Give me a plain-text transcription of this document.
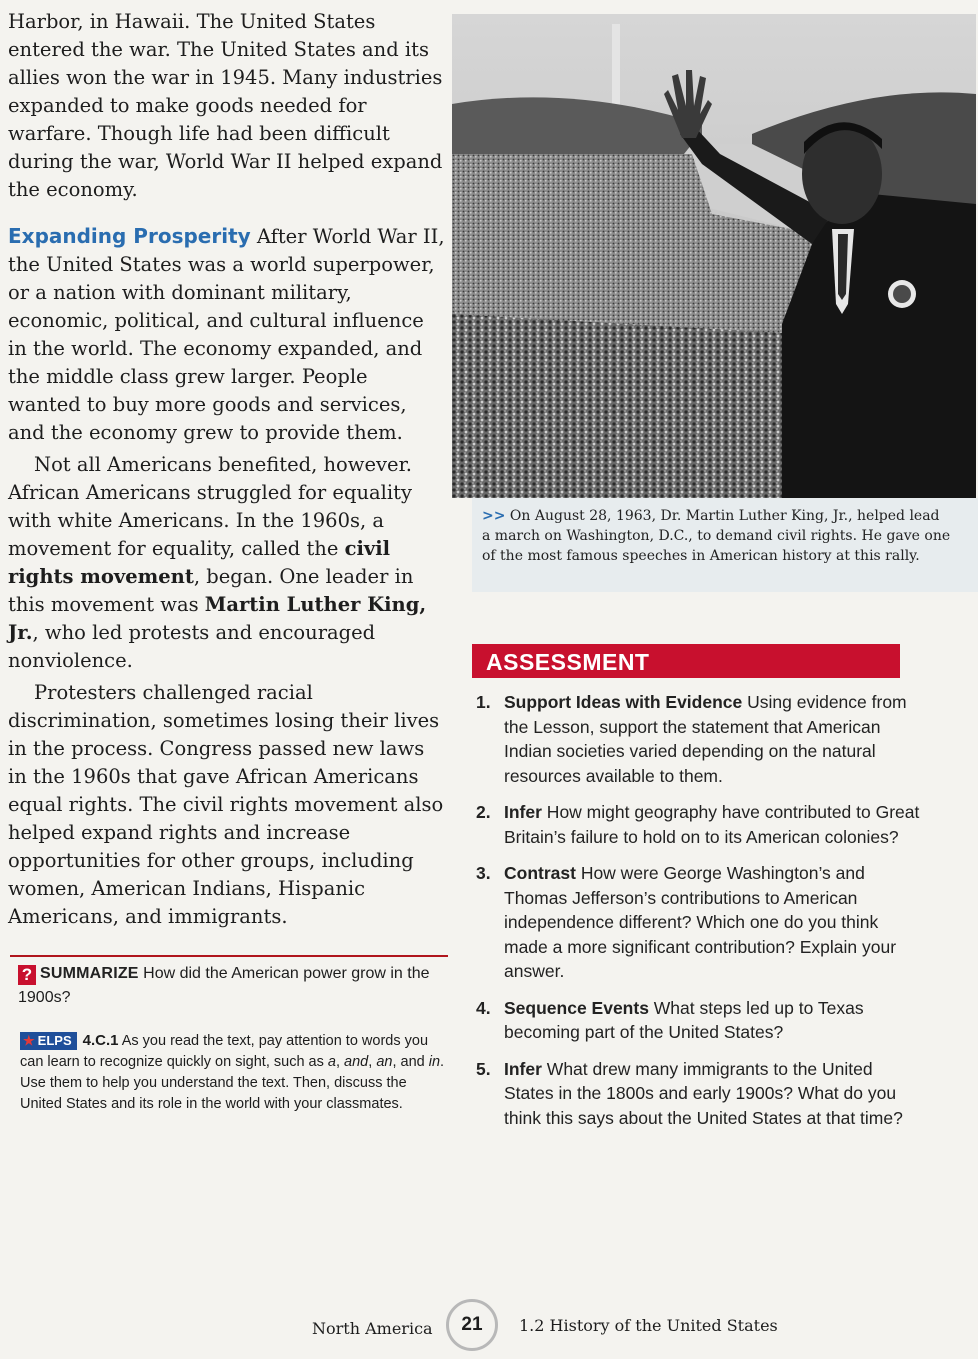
Harbor, in Hawaii. The United States entered the war. The United States and its allies won the war in 1945. Many industries expanded to make goods needed for warfare. Though life had been difficult during the war, World War II helped expand the economy.

Expanding Prosperity After World War II, the United States was a world superpower, or a nation with dominant military, economic, political, and cultural influence in the world. The economy expanded, and the middle class grew larger. People wanted to buy more goods and services, and the economy grew to provide them.

Not all Americans benefited, however. African Americans struggled for equality with white Americans. In the 1960s, a movement for equality, called the civil rights movement, began. One leader in this movement was Martin Luther King, Jr., who led protests and encouraged nonviolence.

Protesters challenged racial discrimination, sometimes losing their lives in the process. Congress passed new laws in the 1960s that gave African Americans equal rights. The civil rights movement also helped expand rights and increase opportunities for other groups, including women, American Indians, Hispanic Americans, and immigrants.

? SUMMARIZE How did the American power grow in the 1900s?
★ ELPS 4.C.1 As you read the text, pay attention to words you can learn to recognize quickly on sight, such as a, and, an, and in. Use them to help you understand the text. Then, discuss the United States and its role in the world with your classmates.

>> On August 28, 1963, Dr. Martin Luther King, Jr., helped lead a march on Washington, D.C., to demand civil rights. He gave one of the most famous speeches in American history at this rally.

ASSESSMENT
1. Support Ideas with Evidence Using evidence from the Lesson, support the statement that American Indian societies varied depending on the natural resources available to them.
2. Infer How might geography have contributed to Great Britain’s failure to hold on to its American colonies?
3. Contrast How were George Washington’s and Thomas Jefferson’s contributions to American independence different? Which one do you think made a more significant contribution? Explain your answer.
4. Sequence Events What steps led up to Texas becoming part of the United States?
5. Infer What drew many immigrants to the United States in the 1800s and early 1900s? What do you think this says about the United States at that time?
North America	21	1.2 History of the United States
